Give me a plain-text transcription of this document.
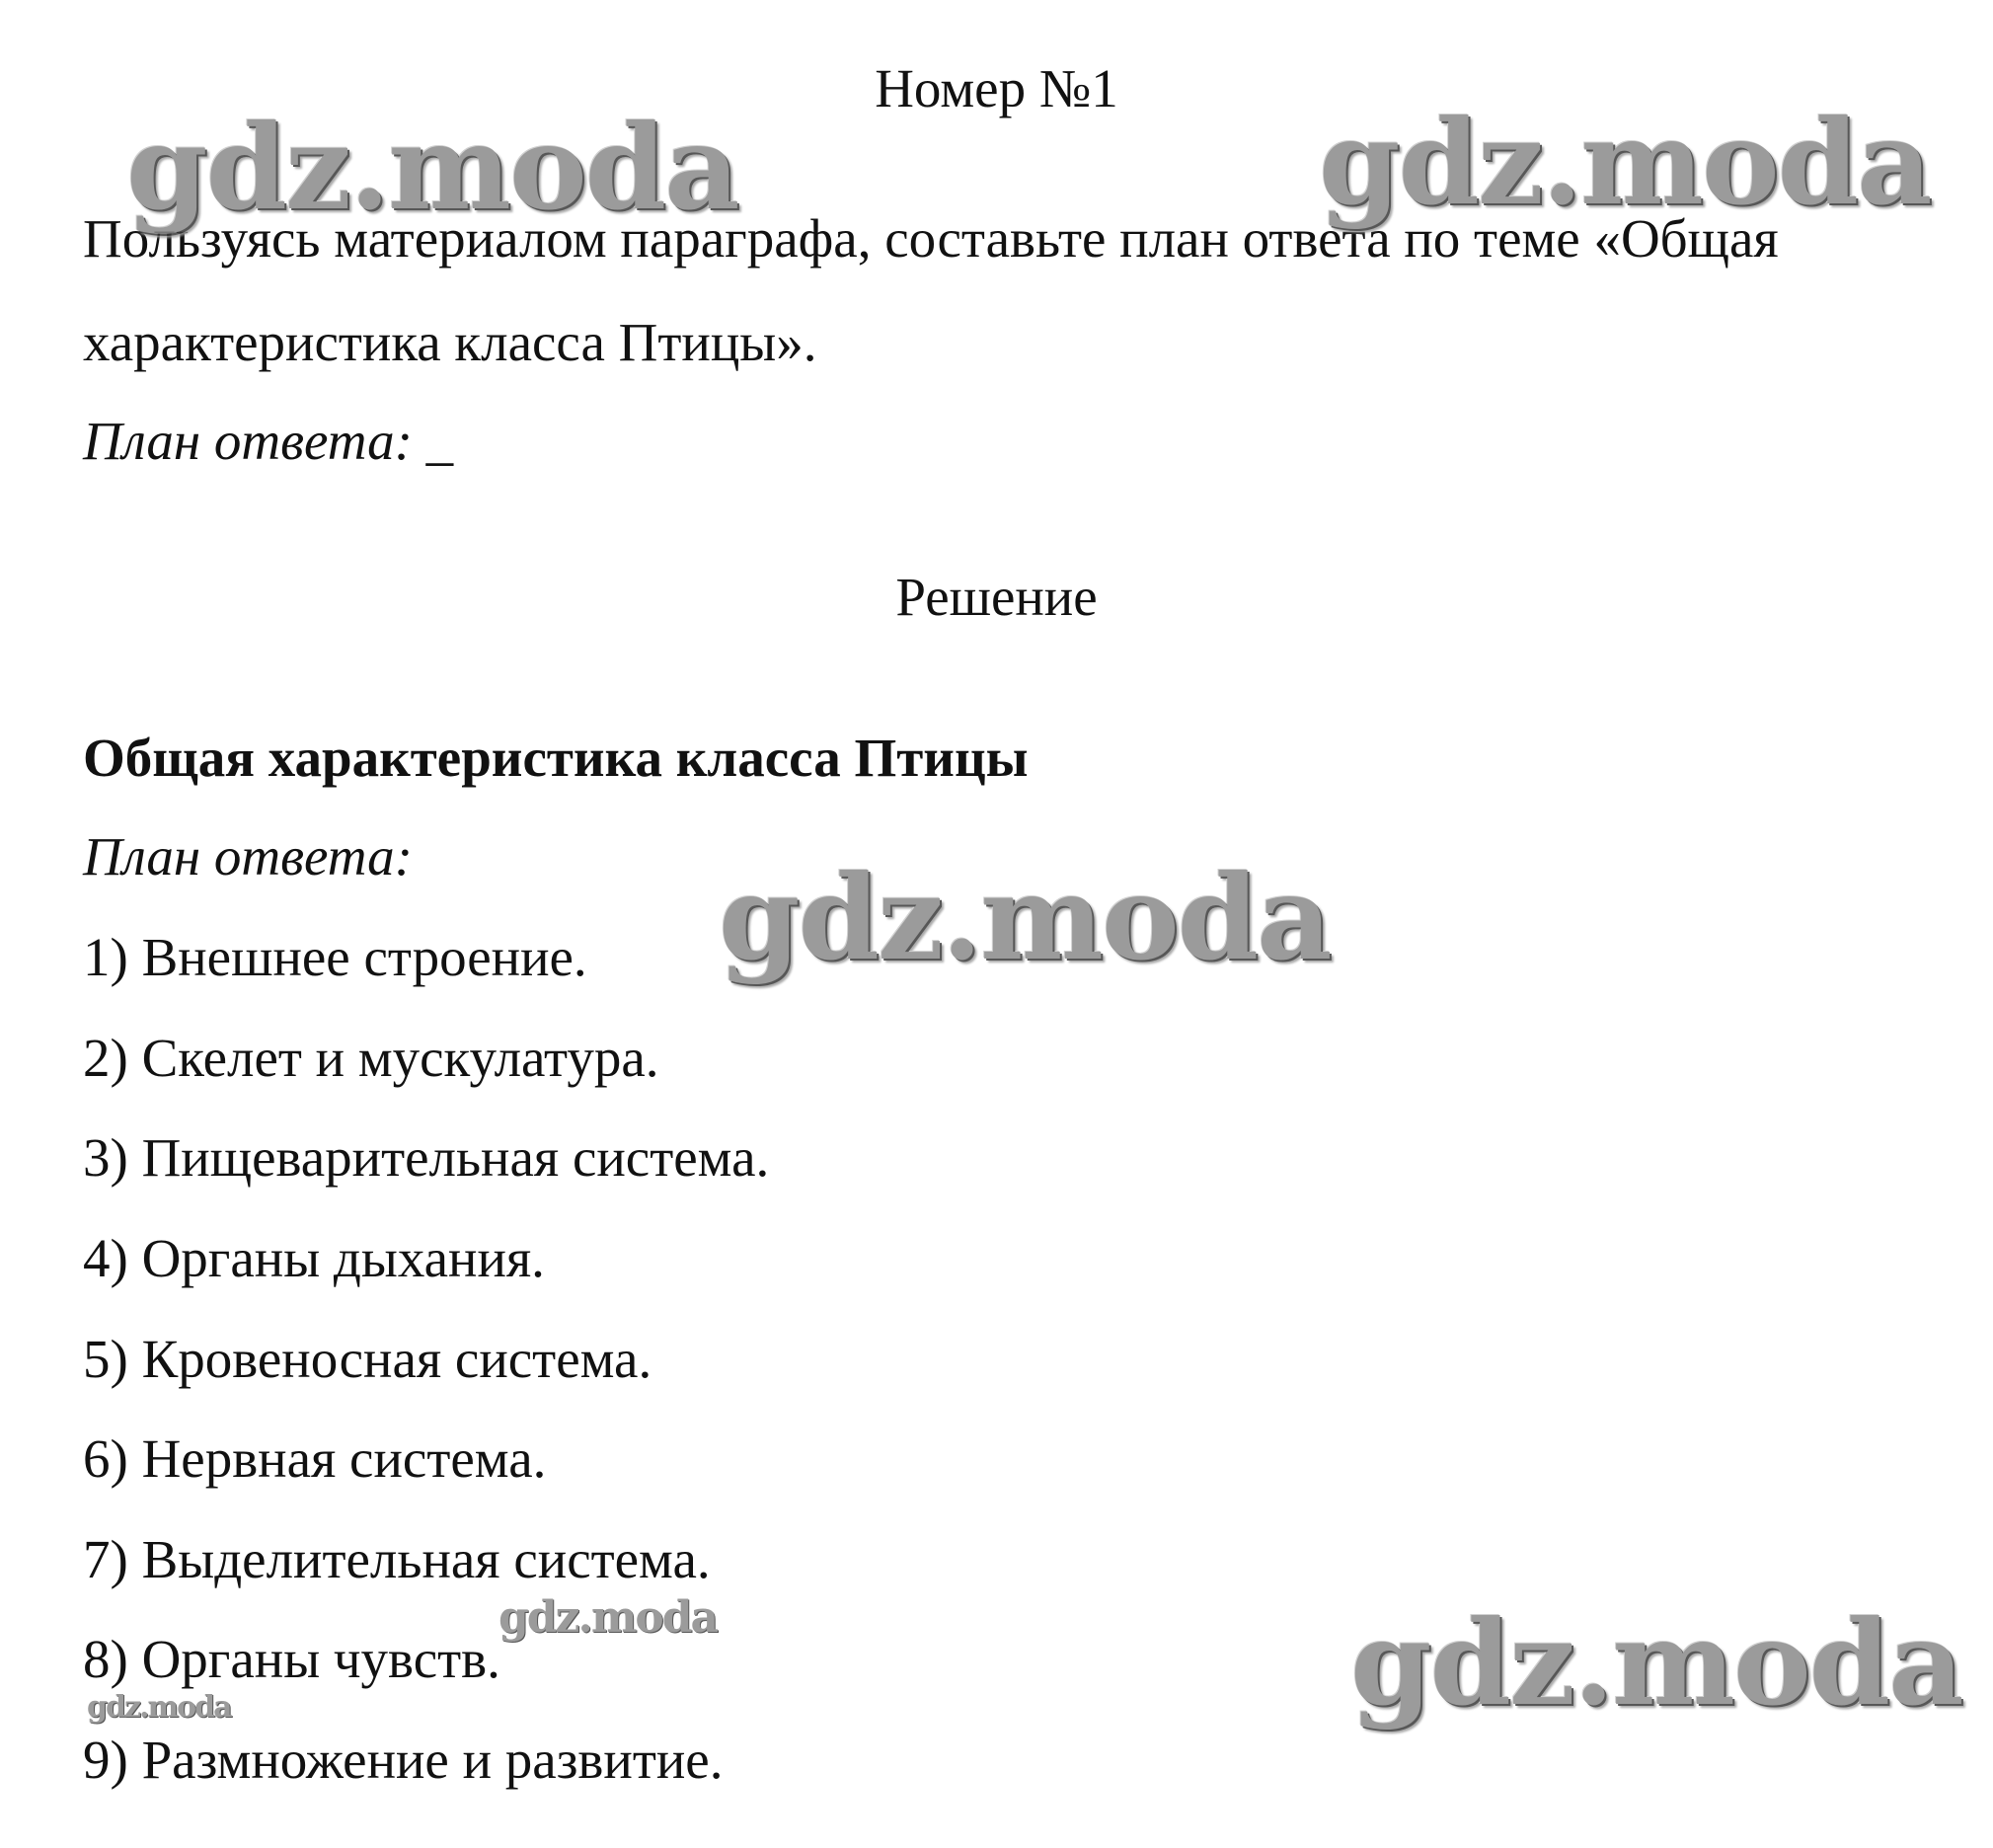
Номер №1
Пользуясь материалом параграфа, составьте план ответа по теме «Общая
характеристика класса Птицы».
План ответа: _
Решение
Общая характеристика класса Птицы
План ответа:
1) Внешнее строение.
2) Скелет и мускулатура.
3) Пищеварительная система.
4) Органы дыхания.
5) Кровеносная система.
6) Нервная система.
7) Выделительная система.
8) Органы чувств.
9) Размножение и развитие.
gdz.moda	gdz.moda
gdz.moda
gdz.moda
gdz.moda	gdz.moda
